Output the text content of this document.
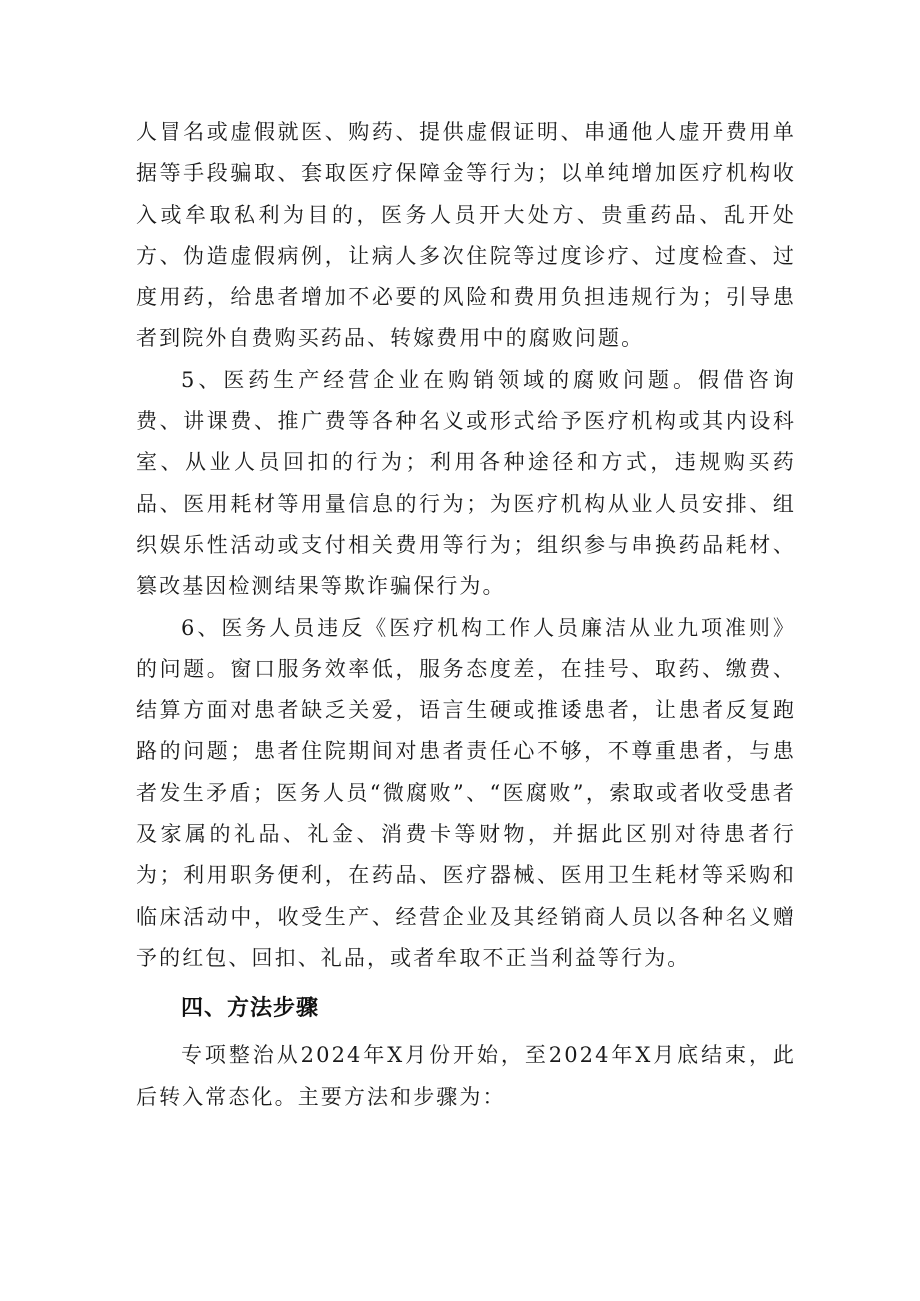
人冒名或虚假就医、购药、提供虚假证明、串通他人虚开费用单据等手段骗取、套取医疗保障金等行为；以单纯增加医疗机构收入或牟取私利为目的，医务人员开大处方、贵重药品、乱开处方、伪造虚假病例，让病人多次住院等过度诊疗、过度检查、过度用药，给患者增加不必要的风险和费用负担违规行为；引导患者到院外自费购买药品、转嫁费用中的腐败问题。

5、医药生产经营企业在购销领域的腐败问题。假借咨询费、讲课费、推广费等各种名义或形式给予医疗机构或其内设科室、从业人员回扣的行为；利用各种途径和方式，违规购买药品、医用耗材等用量信息的行为；为医疗机构从业人员安排、组织娱乐性活动或支付相关费用等行为；组织参与串换药品耗材、篡改基因检测结果等欺诈骗保行为。

6、医务人员违反《医疗机构工作人员廉洁从业九项准则》的问题。窗口服务效率低，服务态度差，在挂号、取药、缴费、结算方面对患者缺乏关爱，语言生硬或推诿患者，让患者反复跑路的问题；患者住院期间对患者责任心不够，不尊重患者，与患者发生矛盾；医务人员“微腐败”、“医腐败”，索取或者收受患者及家属的礼品、礼金、消费卡等财物，并据此区别对待患者行为；利用职务便利，在药品、医疗器械、医用卫生耗材等采购和临床活动中，收受生产、经营企业及其经销商人员以各种名义赠予的红包、回扣、礼品，或者牟取不正当利益等行为。

四、方法步骤

专项整治从2024年X月份开始，至2024年X月底结束，此后转入常态化。主要方法和步骤为：
